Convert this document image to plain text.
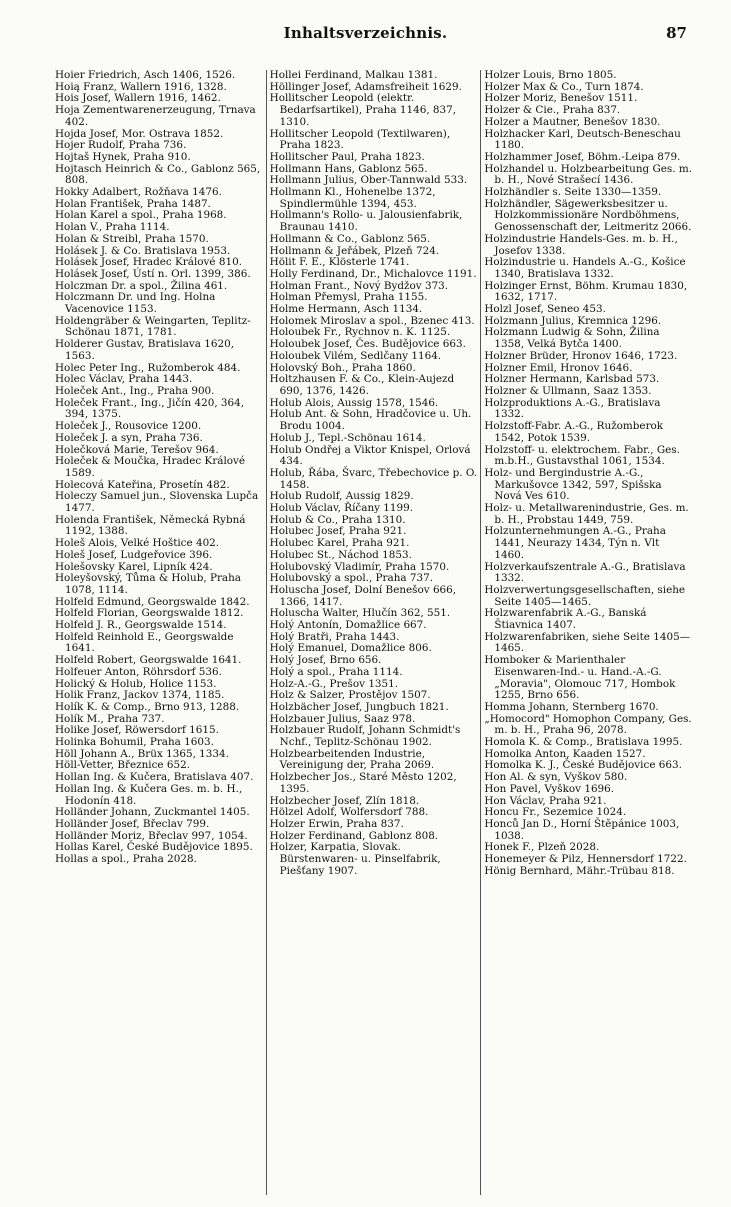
Inhaltsverzeichnis.	87
Hoier Friedrich, Asch 1406, 1526.
Hoią Franz, Wallern 1916, 1328.
Hois Josef, Wallern 1916, 1462.
Hoja Zementwarenerzeugung, Trnava 402.
Hojda Josef, Mor. Ostrava 1852.
Hojer Rudolf, Praha 736.
Hojtaš Hynek, Praha 910.
Hojtasch Heinrich & Co., Gablonz 565, 808.
Hokky Adalbert, Rožňava 1476.
Holan František, Praha 1487.
Holan Karel a spol., Praha 1968.
Holan V., Praha 1114.
Holan & Streibl, Praha 1570.
Holásek J. & Co. Bratislava 1953.
Holásek Josef, Hradec Králové 810.
Holásek Josef, Ústí n. Orl. 1399, 386.
Holczman Dr. a spol., Žilina 461.
Holczmann Dr. und Ing. Holna Vacenovice 1153.
Holdengräber & Weingarten, Teplitz-Schönau 1871, 1781.
Holderer Gustav, Bratislava 1620, 1563.
Holec Peter Ing., Ružomberok 484.
Holec Václav, Praha 1443.
Holeček Ant., Ing., Praha 900.
Holeček Frant., Ing., Jičín 420, 364, 394, 1375.
Holeček J., Rousovice 1200.
Holeček J. a syn, Praha 736.
Holečková Marie, Terešov 964.
Holeček & Moučka, Hradec Králové 1589.
Holecová Kateřina, Prosetín 482.
Holeczy Samuel jun., Slovenska Lupča 1477.
Holenda František, Německá Rybná 1192, 1388.
Holeš Alois, Velké Hoštice 402.
Holeš Josef, Ludgeřovice 396.
Holešovsky Karel, Lipník 424.
Holeyšovský, Tůma & Holub, Praha 1078, 1114.
Holfeld Edmund, Georgswalde 1842.
Holfeld Florian, Georgswalde 1812.
Holfeld J. R., Georgswalde 1514.
Holfeld Reinhold E., Georgswalde 1641.
Holfeld Robert, Georgswalde 1641.
Holfeuer Anton, Röhrsdorf 536.
Holický & Holub, Holice 1153.
Holik Franz, Jackov 1374, 1185.
Holík K. & Comp., Brno 913, 1288.
Holík M., Praha 737.
Holike Josef, Röwersdorf 1615.
Holinka Bohumil, Praha 1603.
Höll Johann A., Brüx 1365, 1334.
Höll-Vetter, Březnice 652.
Hollan Ing. & Kučera, Bratislava 407.
Hollan Ing. & Kučera Ges. m. b. H., Hodonín 418.
Holländer Johann, Zuckmantel 1405.
Holländer Josef, Břeclav 799.
Holländer Moriz, Břeclav 997, 1054.
Hollas Karel, České Budějovice 1895.
Hollas a spol., Praha 2028.
Hollei Ferdinand, Malkau 1381.
Höllinger Josef, Adamsfreiheit 1629.
Hollitscher Leopold (elektr. Bedarfsartikel), Praha 1146, 837, 1310.
Hollitscher Leopold (Textilwaren), Praha 1823.
Hollitscher Paul, Praha 1823.
Hollmann Hans, Gablonz 565.
Hollmann Julius, Ober-Tannwald 533.
Hollmann Kl., Hohenelbe 1372, Spindlermühle 1394, 453.
Hollmann's Rollo- u. Jalousienfabrik, Braunau 1410.
Hollmann & Co., Gablonz 565.
Hollmann & Jeřábek, Plzeň 724.
Hölit F. E., Klösterle 1741.
Holly Ferdinand, Dr., Michalovce 1191.
Holman Frant., Nový Bydžov 373.
Holman Přemysl, Praha 1155.
Holme Hermann, Asch 1134.
Holomek Miroslav a spol., Bzenec 413.
Holoubek Fr., Rychnov n. K. 1125.
Holoubek Josef, Čes. Budějovice 663.
Holoubek Vilém, Sedlčany 1164.
Holovský Boh., Praha 1860.
Holtzhausen F. & Co., Klein-Aujezd 690, 1376, 1426.
Holub Alois, Aussig 1578, 1546.
Holub Ant. & Sohn, Hradčovice u. Uh. Brodu 1004.
Holub J., Tepl.-Schönau 1614.
Holub Ondřej a Viktor Knispel, Orlová 434.
Holub, Řába, Švarc, Třebechovice p. O. 1458.
Holub Rudolf, Aussig 1829.
Holub Václav, Říčany 1199.
Holub & Co., Praha 1310.
Holubec Josef, Praha 921.
Holubec Karel, Praha 921.
Holubec St., Náchod 1853.
Holubovský Vladimír, Praha 1570.
Holubovský a spol., Praha 737.
Holuscha Josef, Dolní Benešov 666, 1366, 1417.
Holuscha Walter, Hlučín 362, 551.
Holý Antonín, Domažlice 667.
Holý Bratři, Praha 1443.
Holý Emanuel, Domažlice 806.
Holý Josef, Brno 656.
Holý a spol., Praha 1114.
Holz-A.-G., Prešov 1351.
Holz & Salzer, Prostějov 1507.
Holzbächer Josef, Jungbuch 1821.
Holzbauer Julius, Saaz 978.
Holzbauer Rudolf, Johann Schmidt's Nchf., Teplitz-Schönau 1902.
Holzbearbeitenden Industrie, Vereinigung der, Praha 2069.
Holzbecher Jos., Staré Město 1202, 1395.
Holzbecher Josef, Zlín 1818.
Hölzel Adolf, Wolfersdorf 788.
Holzer Erwin, Praha 837.
Holzer Ferdinand, Gablonz 808.
Holzer, Karpatia, Slovak. Bürstenwaren- u. Pinselfabrik, Piešťany 1907.
Holzer Louis, Brno 1805.
Holzer Max & Co., Turn 1874.
Holzer Moriz, Benešov 1511.
Holzer & Cie., Praha 837.
Holzer a Mautner, Benešov 1830.
Holzhacker Karl, Deutsch-Beneschau 1180.
Holzhammer Josef, Böhm.-Leipa 879.
Holzhandel u. Holzbearbeitung Ges. m. b. H., Nové Strašecí 1436.
Holzhändler s. Seite 1330—1359.
Holzhändler, Sägewerksbesitzer u. Holzkommissionäre Nordböhmens, Genossenschaft der, Leitmeritz 2066.
Holzindustrie Handels-Ges. m. b. H., Josefov 1338.
Holzindustrie u. Handels A.-G., Košice 1340, Bratislava 1332.
Holzinger Ernst, Böhm. Krumau 1830, 1632, 1717.
Holzl Josef, Seneo 453.
Holzmann Julius, Kremnica 1296.
Holzmann Ludwig & Sohn, Žilina 1358, Velká Bytča 1400.
Holzner Brüder, Hronov 1646, 1723.
Holzner Emil, Hronov 1646.
Holzner Hermann, Karlsbad 573.
Holzner & Ullmann, Saaz 1353.
Holzproduktions A.-G., Bratislava 1332.
Holzstoff-Fabr. A.-G., Ružomberok 1542, Potok 1539.
Holzstoff- u. elektrochem. Fabr., Ges. m.b.H., Gustavsthal 1061, 1534.
Holz- und Bergindustrie A.-G., Markušovce 1342, 597, Spišska Nová Ves 610.
Holz- u. Metallwarenindustrie, Ges. m. b. H., Probstau 1449, 759.
Holzunternehmungen A.-G., Praha 1441, Neurazy 1434, Týn n. Vlt 1460.
Holzverkaufszentrale A.-G., Bratislava 1332.
Holzverwertungsgesellschaften, siehe Seite 1405—1465.
Holzwarenfabrik A.-G., Banská Štiavnica 1407.
Holzwarenfabriken, siehe Seite 1405—1465.
Homboker & Marienthaler Eisenwaren-Ind.- u. Hand.-A.-G. „Moravia", Olomouc 717, Hombok 1255, Brno 656.
Homma Johann, Sternberg 1670.
„Homocord" Homophon Company, Ges. m. b. H., Praha 96, 2078.
Homola K. & Comp., Bratislava 1995.
Homolka Anton, Kaaden 1527.
Homolka K. J., České Budějovice 663.
Hon Al. & syn, Vyškov 580.
Hon Pavel, Vyškov 1696.
Hon Václav, Praha 921.
Honcu Fr., Sezemice 1024.
Honců Jan D., Horní Štěpánice 1003, 1038.
Honek F., Plzeň 2028.
Honemeyer & Pilz, Hennersdorf 1722.
Hönig Bernhard, Mähr.-Trübau 818.
